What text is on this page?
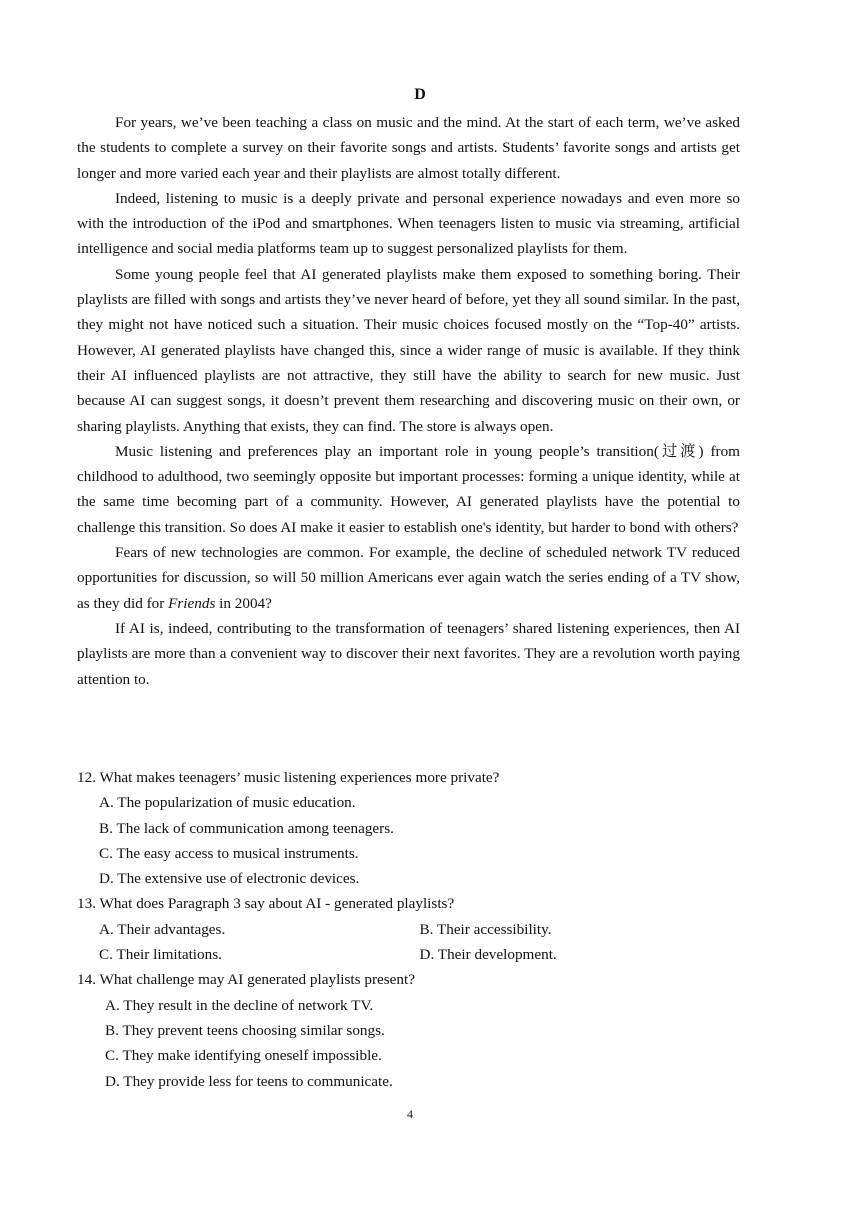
D

For years, we’ve been teaching a class on music and the mind. At the start of each term, we’ve asked the students to complete a survey on their favorite songs and artists. Students’ favorite songs and artists get longer and more varied each year and their playlists are almost totally different.

Indeed, listening to music is a deeply private and personal experience nowadays and even more so with the introduction of the iPod and smartphones. When teenagers listen to music via streaming, artificial intelligence and social media platforms team up to suggest personalized playlists for them.

Some young people feel that AI generated playlists make them exposed to something boring. Their playlists are filled with songs and artists they’ve never heard of before, yet they all sound similar. In the past, they might not have noticed such a situation. Their music choices focused mostly on the “Top-40” artists. However, AI generated playlists have changed this, since a wider range of music is available. If they think their AI influenced playlists are not attractive, they still have the ability to search for new music. Just because AI can suggest songs, it doesn’t prevent them researching and discovering music on their own, or sharing playlists. Anything that exists, they can find. The store is always open.

Music listening and preferences play an important role in young people’s transition(过渡) from childhood to adulthood, two seemingly opposite but important processes: forming a unique identity, while at the same time becoming part of a community. However, AI generated playlists have the potential to challenge this transition. So does AI make it easier to establish one's identity, but harder to bond with others?

Fears of new technologies are common. For example, the decline of scheduled network TV reduced opportunities for discussion, so will 50 million Americans ever again watch the series ending of a TV show, as they did for Friends in 2004?

If AI is, indeed, contributing to the transformation of teenagers’ shared listening experiences, then AI playlists are more than a convenient way to discover their next favorites. They are a revolution worth paying attention to.

12. What makes teenagers’ music listening experiences more private?

A. The popularization of music education.

B. The lack of communication among teenagers.

C. The easy access to musical instruments.

D. The extensive use of electronic devices.

13. What does Paragraph 3 say about AI - generated playlists?

A. Their advantages.	B. Their accessibility.
C. Their limitations.	D. Their development.

14. What challenge may AI generated playlists present?

A. They result in the decline of network TV.

B. They prevent teens choosing similar songs.

C. They make identifying oneself impossible.

D. They provide less for teens to communicate.

4
